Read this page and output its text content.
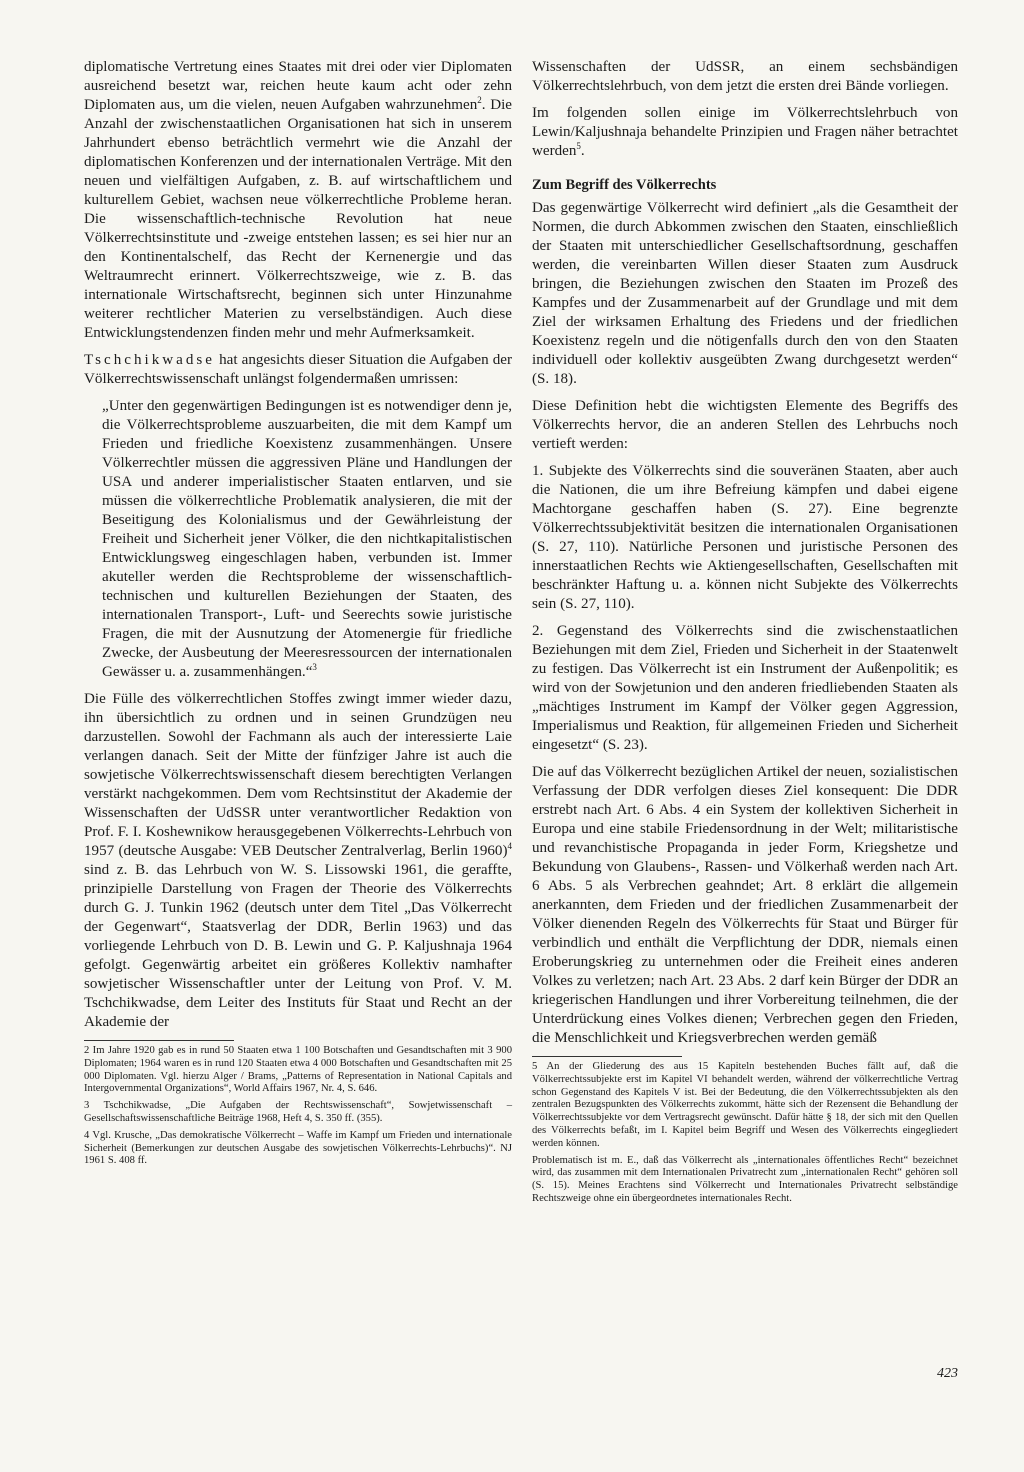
diplomatische Vertretung eines Staates mit drei oder vier Diplomaten ausreichend besetzt war, reichen heute kaum acht oder zehn Diplomaten aus, um die vielen, neuen Aufgaben wahrzunehmen$^2$. Die Anzahl der zwischenstaatlichen Organisationen hat sich in unserem Jahrhundert ebenso beträchtlich vermehrt wie die Anzahl der diplomatischen Konferenzen und der internationalen Verträge. Mit den neuen und vielfältigen Aufgaben, z. B. auf wirtschaftlichem und kulturellem Gebiet, wachsen neue völkerrechtliche Probleme heran. Die wissenschaftlich-technische Revolution hat neue Völkerrechtsinstitute und -zweige entstehen lassen; es sei hier nur an den Kontinentalschelf, das Recht der Kernenergie und das Weltraumrecht erinnert. Völkerrechtszweige, wie z. B. das internationale Wirtschaftsrecht, beginnen sich unter Hinzunahme weiterer rechtlicher Materien zu verselbständigen. Auch diese Entwicklungstendenzen finden mehr und mehr Aufmerksamkeit.

Tschchikwadse hat angesichts dieser Situation die Aufgaben der Völkerrechtswissenschaft unlängst folgendermaßen umrissen:

„Unter den gegenwärtigen Bedingungen ist es notwendiger denn je, die Völkerrechtsprobleme auszuarbeiten, die mit dem Kampf um Frieden und friedliche Koexistenz zusammenhängen. Unsere Völkerrechtler müssen die aggressiven Pläne und Handlungen der USA und anderer imperialistischer Staaten entlarven, und sie müssen die völkerrechtliche Problematik analysieren, die mit der Beseitigung des Kolonialismus und der Gewährleistung der Freiheit und Sicherheit jener Völker, die den nichtkapitalistischen Entwicklungsweg eingeschlagen haben, verbunden ist. Immer akuteller werden die Rechtsprobleme der wissenschaftlich-technischen und kulturellen Beziehungen der Staaten, des internationalen Transport-, Luft- und Seerechts sowie juristische Fragen, die mit der Ausnutzung der Atomenergie für friedliche Zwecke, der Ausbeutung der Meeresressourcen der internationalen Gewässer u. a. zusammenhängen.“$^3$

Die Fülle des völkerrechtlichen Stoffes zwingt immer wieder dazu, ihn übersichtlich zu ordnen und in seinen Grundzügen neu darzustellen. Sowohl der Fachmann als auch der interessierte Laie verlangen danach. Seit der Mitte der fünfziger Jahre ist auch die sowjetische Völkerrechtswissenschaft diesem berechtigten Verlangen verstärkt nachgekommen. Dem vom Rechtsinstitut der Akademie der Wissenschaften der UdSSR unter verantwortlicher Redaktion von Prof. F. I. Koshewnikow herausgegebenen Völkerrechts-Lehrbuch von 1957 (deutsche Ausgabe: VEB Deutscher Zentralverlag, Berlin 1960)$^4$ sind z. B. das Lehrbuch von W. S. Lissowski 1961, die geraffte, prinzipielle Darstellung von Fragen der Theorie des Völkerrechts durch G. J. Tunkin 1962 (deutsch unter dem Titel „Das Völkerrecht der Gegenwart“, Staatsverlag der DDR, Berlin 1963) und das vorliegende Lehrbuch von D. B. Lewin und G. P. Kaljushnaja 1964 gefolgt. Gegenwärtig arbeitet ein größeres Kollektiv namhafter sowjetischer Wissenschaftler unter der Leitung von Prof. V. M. Tschchikwadse, dem Leiter des Instituts für Staat und Recht an der Akademie der

2 Im Jahre 1920 gab es in rund 50 Staaten etwa 1 100 Botschaften und Gesandtschaften mit 3 900 Diplomaten; 1964 waren es in rund 120 Staaten etwa 4 000 Botschaften und Gesandtschaften mit 25 000 Diplomaten. Vgl. hierzu Alger / Brams, „Patterns of Representation in National Capitals and Intergovernmental Organizations“, World Affairs 1967, Nr. 4, S. 646.

3 Tschchikwadse, „Die Aufgaben der Rechtswissenschaft“, Sowjetwissenschaft – Gesellschaftswissenschaftliche Beiträge 1968, Heft 4, S. 350 ff. (355).

4 Vgl. Krusche, „Das demokratische Völkerrecht – Waffe im Kampf um Frieden und internationale Sicherheit (Bemerkungen zur deutschen Ausgabe des sowjetischen Völkerrechts-Lehrbuchs)“. NJ 1961 S. 408 ff.

Wissenschaften der UdSSR, an einem sechsbändigen Völkerrechtslehrbuch, von dem jetzt die ersten drei Bände vorliegen.

Im folgenden sollen einige im Völkerrechtslehrbuch von Lewin/Kaljushnaja behandelte Prinzipien und Fragen näher betrachtet werden$^5$.

Zum Begriff des Völkerrechts

Das gegenwärtige Völkerrecht wird definiert „als die Gesamtheit der Normen, die durch Abkommen zwischen den Staaten, einschließlich der Staaten mit unterschiedlicher Gesellschaftsordnung, geschaffen werden, die vereinbarten Willen dieser Staaten zum Ausdruck bringen, die Beziehungen zwischen den Staaten im Prozeß des Kampfes und der Zusammenarbeit auf der Grundlage und mit dem Ziel der wirksamen Erhaltung des Friedens und der friedlichen Koexistenz regeln und die nötigenfalls durch den von den Staaten individuell oder kollektiv ausgeübten Zwang durchgesetzt werden“ (S. 18).

Diese Definition hebt die wichtigsten Elemente des Begriffs des Völkerrechts hervor, die an anderen Stellen des Lehrbuchs noch vertieft werden:

1. Subjekte des Völkerrechts sind die souveränen Staaten, aber auch die Nationen, die um ihre Befreiung kämpfen und dabei eigene Machtorgane geschaffen haben (S. 27). Eine begrenzte Völkerrechtssubjektivität besitzen die internationalen Organisationen (S. 27, 110). Natürliche Personen und juristische Personen des innerstaatlichen Rechts wie Aktiengesellschaften, Gesellschaften mit beschränkter Haftung u. a. können nicht Subjekte des Völkerrechts sein (S. 27, 110).

2. Gegenstand des Völkerrechts sind die zwischenstaatlichen Beziehungen mit dem Ziel, Frieden und Sicherheit in der Staatenwelt zu festigen. Das Völkerrecht ist ein Instrument der Außenpolitik; es wird von der Sowjetunion und den anderen friedliebenden Staaten als „mächtiges Instrument im Kampf der Völker gegen Aggression, Imperialismus und Reaktion, für allgemeinen Frieden und Sicherheit eingesetzt“ (S. 23).

Die auf das Völkerrecht bezüglichen Artikel der neuen, sozialistischen Verfassung der DDR verfolgen dieses Ziel konsequent: Die DDR erstrebt nach Art. 6 Abs. 4 ein System der kollektiven Sicherheit in Europa und eine stabile Friedensordnung in der Welt; militaristische und revanchistische Propaganda in jeder Form, Kriegshetze und Bekundung von Glaubens-, Rassen- und Völkerhaß werden nach Art. 6 Abs. 5 als Verbrechen geahndet; Art. 8 erklärt die allgemein anerkannten, dem Frieden und der friedlichen Zusammenarbeit der Völker dienenden Regeln des Völkerrechts für Staat und Bürger für verbindlich und enthält die Verpflichtung der DDR, niemals einen Eroberungskrieg zu unternehmen oder die Freiheit eines anderen Volkes zu verletzen; nach Art. 23 Abs. 2 darf kein Bürger der DDR an kriegerischen Handlungen und ihrer Vorbereitung teilnehmen, die der Unterdrückung eines Volkes dienen; Verbrechen gegen den Frieden, die Menschlichkeit und Kriegsverbrechen werden gemäß

5 An der Gliederung des aus 15 Kapiteln bestehenden Buches fällt auf, daß die Völkerrechtssubjekte erst im Kapitel VI behandelt werden, während der völkerrechtliche Vertrag schon Gegenstand des Kapitels V ist. Bei der Bedeutung, die den Völkerrechtssubjekten als den zentralen Bezugspunkten des Völkerrechts zukommt, hätte sich der Rezensent die Behandlung der Völkerrechtssubjekte vor dem Vertragsrecht gewünscht. Dafür hätte § 18, der sich mit den Quellen des Völkerrechts befaßt, im I. Kapitel beim Begriff und Wesen des Völkerrechts eingegliedert werden können.

Problematisch ist m. E., daß das Völkerrecht als „internationales öffentliches Recht“ bezeichnet wird, das zusammen mit dem Internationalen Privatrecht zum „internationalen Recht“ gehören soll (S. 15). Meines Erachtens sind Völkerrecht und Internationales Privatrecht selbständige Rechtszweige ohne ein übergeordnetes internationales Recht.

423
